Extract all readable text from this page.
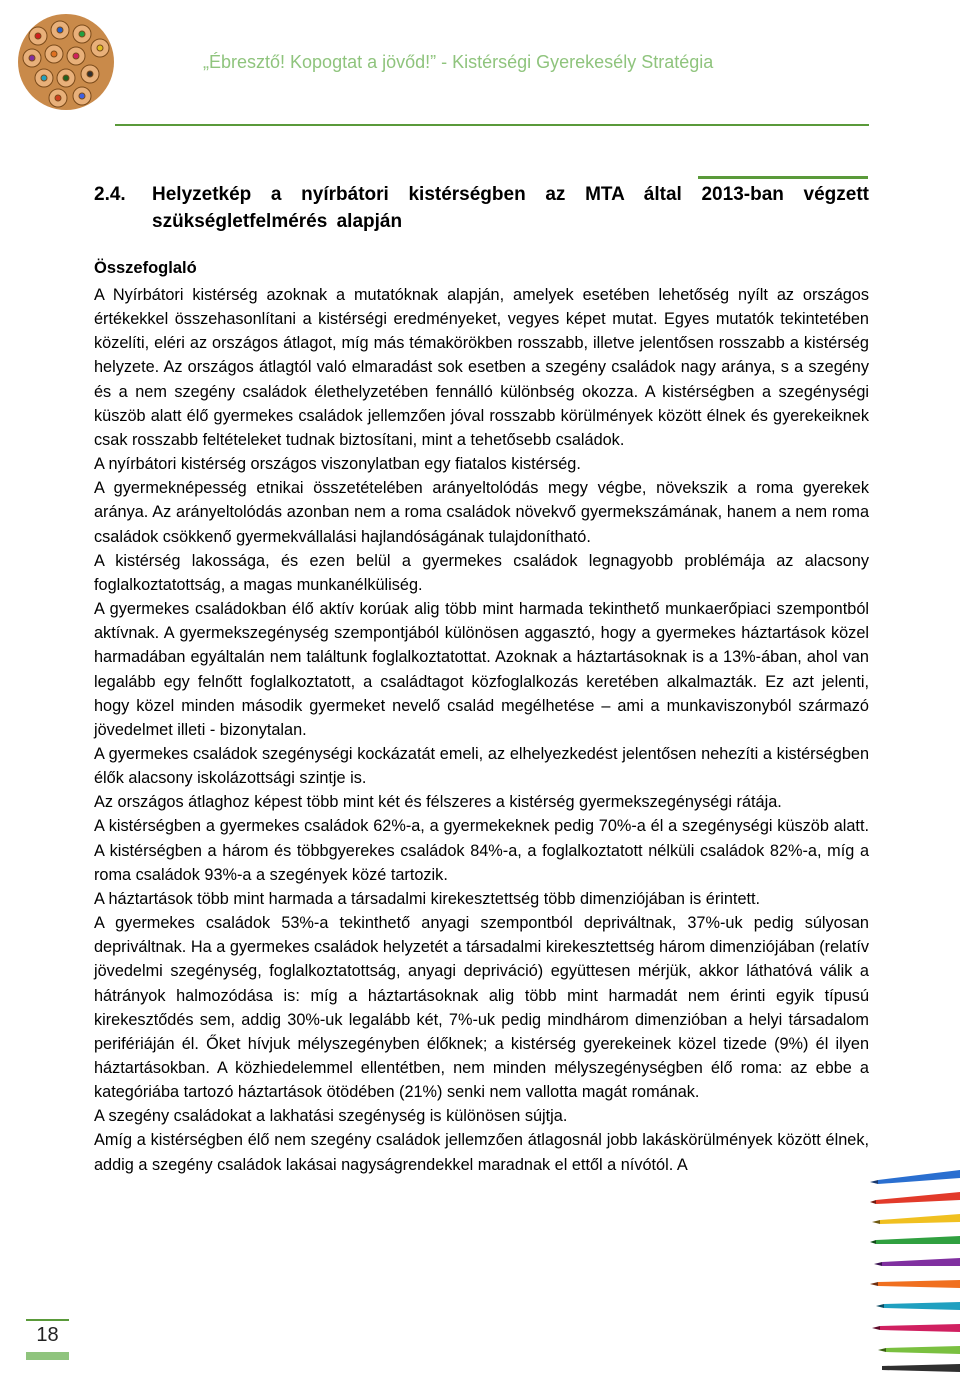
„Ébresztő! Kopogtat a jövőd!” - Kistérségi Gyerekesély Stratégia
2.4. Helyzetkép a nyírbátori kistérségben az MTA által 2013-ban végzett szükségletfelmérés alapján
Összefoglaló

A Nyírbátori kistérség azoknak a mutatóknak alapján, amelyek esetében lehetőség nyílt az országos értékekkel összehasonlítani a kistérségi eredményeket, vegyes képet mutat. Egyes mutatók tekintetében közelíti, eléri az országos átlagot, míg más témakörökben rosszabb, illetve jelentősen rosszabb a kistérség helyzete. Az országos átlagtól való elmaradást sok esetben a szegény családok nagy aránya, s a szegény és a nem szegény családok élethelyzetében fennálló különbség okozza. A kistérségben a szegénységi küszöb alatt élő gyermekes családok jellemzően jóval rosszabb körülmények között élnek és gyerekeiknek csak rosszabb feltételeket tudnak biztosítani, mint a tehetősebb családok.

A nyírbátori kistérség országos viszonylatban egy fiatalos kistérség.

A gyermeknépesség etnikai összetételében arányeltolódás megy végbe, növekszik a roma gyerekek aránya. Az arányeltolódás azonban nem a roma családok növekvő gyermekszámának, hanem a nem roma családok csökkenő gyermekvállalási hajlandóságának tulajdonítható.

A kistérség lakossága, és ezen belül a gyermekes családok legnagyobb problémája az alacsony foglalkoztatottság, a magas munkanélküliség.

A gyermekes családokban élő aktív korúak alig több mint harmada tekinthető munkaerőpiaci szempontból aktívnak. A gyermekszegénység szempontjából különösen aggasztó, hogy a gyermekes háztartások közel harmadában egyáltalán nem találtunk foglalkoztatottat. Azoknak a háztartásoknak is a 13%-ában, ahol van legalább egy felnőtt foglalkoztatott, a családtagot közfoglalkozás keretében alkalmazták. Ez azt jelenti, hogy közel minden második gyermeket nevelő család megélhetése – ami a munkaviszonyból származó jövedelmet illeti - bizonytalan.

A gyermekes családok szegénységi kockázatát emeli, az elhelyezkedést jelentősen nehezíti a kistérségben élők alacsony iskolázottsági szintje is.

Az országos átlaghoz képest több mint két és félszeres a kistérség gyermekszegénységi rátája.

A kistérségben a gyermekes családok 62%-a, a gyermekeknek pedig 70%-a él a szegénységi küszöb alatt. A kistérségben a három és többgyerekes családok 84%-a, a foglalkoztatott nélküli családok 82%-a, míg a roma családok 93%-a a szegények közé tartozik.

A háztartások több mint harmada a társadalmi kirekesztettség több dimenziójában is érintett.

A gyermekes családok 53%-a tekinthető anyagi szempontból depriváltnak, 37%-uk pedig súlyosan depriváltnak. Ha a gyermekes családok helyzetét a társadalmi kirekesztettség három dimenziójában (relatív jövedelmi szegénység, foglalkoztatottság, anyagi depriváció) együttesen mérjük, akkor láthatóvá válik a hátrányok halmozódása is: míg a háztartásoknak alig több mint harmadát nem érinti egyik típusú kirekesztődés sem, addig 30%-uk legalább két, 7%-uk pedig mindhárom dimenzióban a helyi társadalom perifériáján él. Őket hívjuk mélyszegényben élőknek; a kistérség gyerekeinek közel tizede (9%) él ilyen háztartásokban. A közhiedelemmel ellentétben, nem minden mélyszegénységben élő roma: az ebbe a kategóriába tartozó háztartások ötödében (21%) senki nem vallotta magát romának.

A szegény családokat a lakhatási szegénység is különösen sújtja.

Amíg a kistérségben élő nem szegény családok jellemzően átlagosnál jobb lakáskörülmények között élnek, addig a szegény családok lakásai nagyságrendekkel maradnak el ettől a nívótól. A

18
